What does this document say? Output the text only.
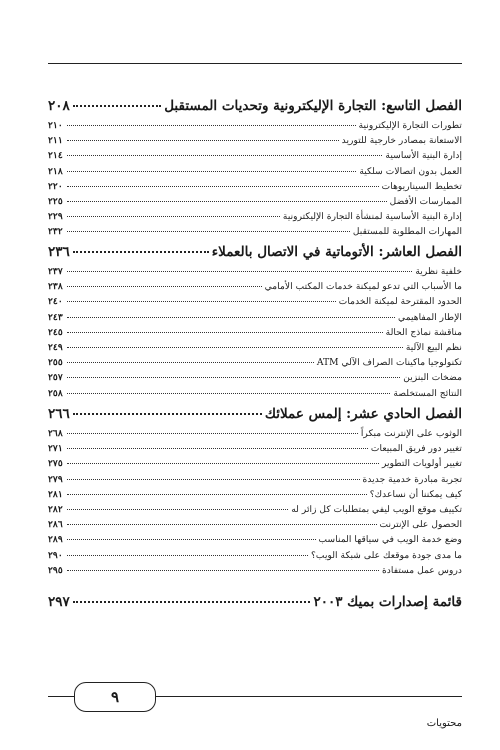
الفصل التاسع: التجارة الإليكترونية وتحديات المستقبل
٢٠٨
تطورات التجارة الإليكترونية
٢١٠
الاستعانة بمصادر خارجية للتوريد
٢١١
إدارة البنية الأساسية
٢١٤
العمل بدون اتصالات سلكية
٢١٨
تخطيط السيناريوهات
٢٢٠
الممارسات الأفضل
٢٢٥
إدارة البنية الأساسية لمنشأة التجارة الإليكترونية
٢٢٩
المهارات المطلوبة للمستقبل
٢٣٢
الفصل العاشر: الأتوماتية في الاتصال بالعملاء
٢٣٦
خلفية نظرية
٢٣٧
ما الأسباب التي تدعو لميكنة خدمات المكتب الأمامي
٢٣٨
الحدود المقترحة لميكنة الخدمات
٢٤٠
الإطار المفاهيمي
٢٤٣
مناقشة نماذج الحالة
٢٤٥
نظم البيع الآلية
٢٤٩
تكنولوجيا ماكينات الصراف الآلي ATM
٢٥٥
مضخات البنزين
٢٥٧
النتائج المستخلصة
٢٥٨
الفصل الحادي عشر: إلمس عملائك
٢٦٦
الوثوب على الإنترنت مبكراً
٢٦٨
تغيير دور فريق المبيعات
٢٧١
تغيير أولويات التطوير
٢٧٥
تجربة مبادرة خدمية جديدة
٢٧٩
كيف يمكننا أن نساعدك؟
٢٨١
تكييف موقع الويب ليفي بمتطلبات كل زائر له
٢٨٢
الحصول على الإنترنت
٢٨٦
وضع خدمة الويب في سياقها المناسب
٢٨٩
ما مدى جودة موقعك على شبكة الويب؟
٢٩٠
دروس عمل مستفادة
٢٩٥
قائمة إصدارات بميك ٢٠٠٣
٢٩٧
٩
محتويات
